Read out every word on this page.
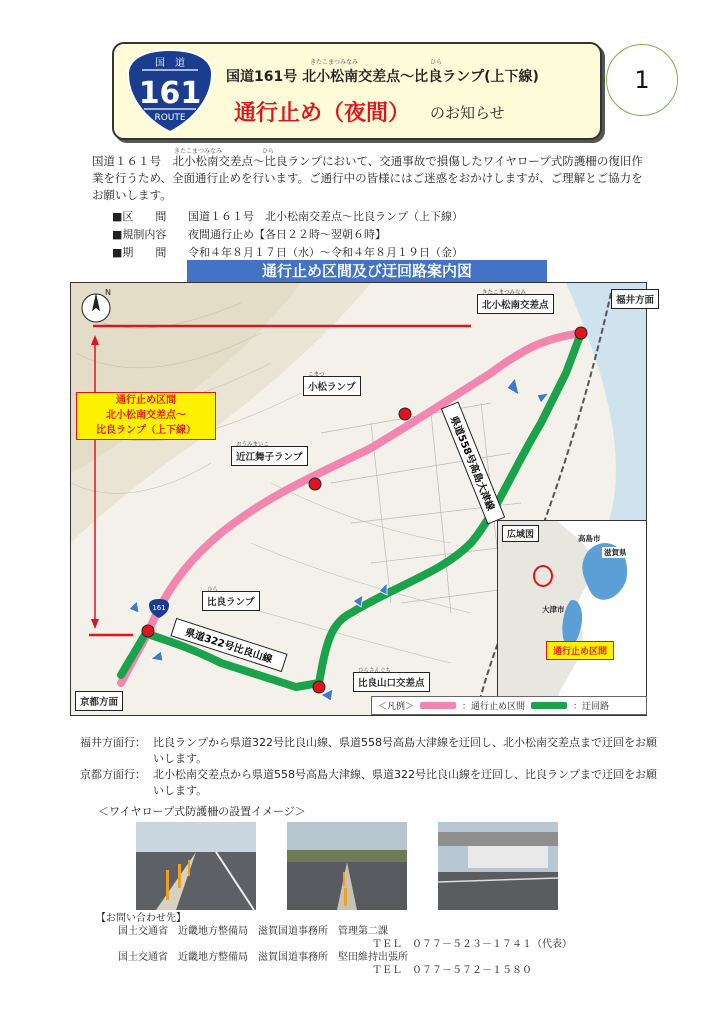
国　道
161
ROUTE
きたこまつみなみ	ひら
国道161号 北小松南交差点～比良ランプ(上下線)
通行止め（夜間） のお知らせ
1
きたこまつみなみ	ひら
国道１６１号　北小松南交差点～比良ランプにおいて、交通事故で損傷したワイヤロープ式防護柵の復旧作業を行うため、全面通行止めを行います。ご通行中の皆様にはご迷惑をおかけしますが、ご理解とご協力をお願いします。
■区　　間	国道１６１号　北小松南交差点～比良ランプ（上下線）
■規制内容	夜間通行止め【各日２２時～翌朝６時】
■期　　間	令和４年８月１７日（水）～令和４年８月１９日（金）
通行止め区間及び迂回路案内図
N
161
県道558号高島大津線
県道322号比良山線
きたこまつみなみ
北小松南交差点
こまつ
小松ランプ
おうみまいこ
近江舞子ランプ
ひら
比良ランプ
ひらさんぐち
比良山口交差点
福井方面
京都方面
広域図	高島市
滋賀県
大津市
通行止め区間
＜凡例＞	：通行止め区間	：迂回路
通行止め区間
北小松南交差点～
比良ランプ（上下線）
福井方面行： 比良ランプから県道322号比良山線、県道558号高島大津線を迂回し、北小松南交差点まで迂回をお願いします。
京都方面行： 北小松南交差点から県道558号高島大津線、県道322号比良山線を迂回し、比良ランプまで迂回をお願いします。
＜ワイヤロープ式防護柵の設置イメージ＞
【お問い合わせ先】
国土交通省　近畿地方整備局　滋賀国道事務所　管理第二課
ＴＥＬ　０７７－５２３－１７４１（代表）
国土交通省　近畿地方整備局　滋賀国道事務所　堅田維持出張所
ＴＥＬ　０７７－５７２－１５８０
